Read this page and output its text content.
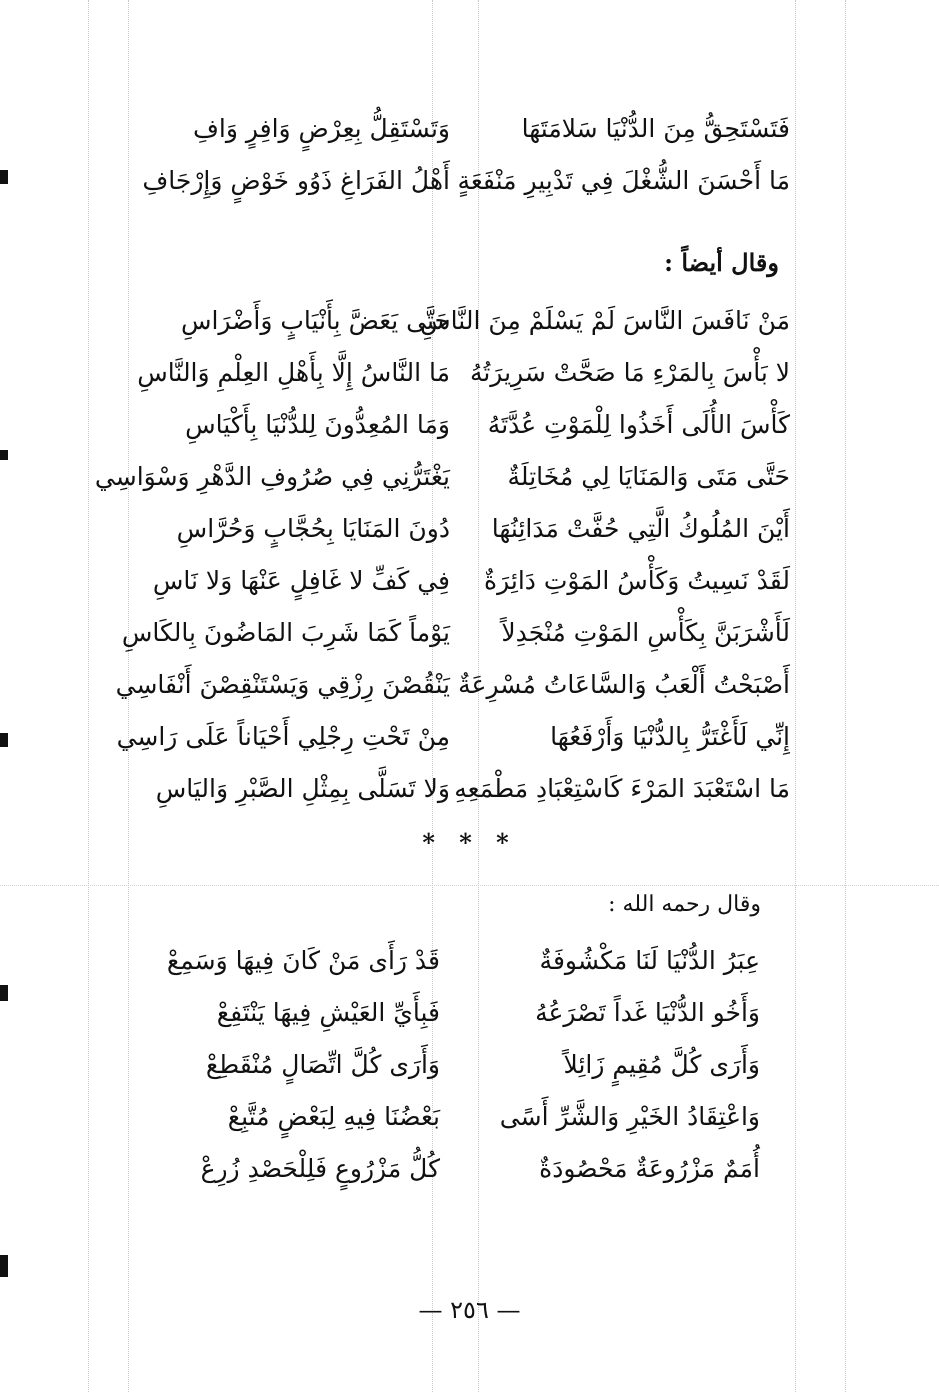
فَتَسْتَحِقُّ مِنَ الدُّنْيَا سَلامَتَهَا
وَتَسْتَقِلُّ بِعِرْضٍ وَافِرٍ وَافِ
مَا أَحْسَنَ الشُّغْلَ فِي تَدْبِيرِ مَنْفَعَةٍ
أَهْلُ الفَرَاغِ ذَوُو خَوْضٍ وَإِرْجَافِ
وقال أيضاً :
مَنْ نَافَسَ النَّاسَ لَمْ يَسْلَمْ مِنَ النَّاسِ
حَتَّى يَعَضَّ بِأَنْيَابٍ وَأَضْرَاسِ
لا بَأْسَ بِالمَرْءِ مَا صَحَّتْ سَرِيرَتُهُ
مَا النَّاسُ إِلَّا بِأَهْلِ العِلْمِ وَالنَّاسِ
كَأْسَ الأُلَى أَخَذُوا لِلْمَوْتِ عُدَّتَهُ
وَمَا المُعِدُّونَ لِلدُّنْيَا بِأَكْيَاسِ
حَتَّى مَتَى وَالمَنَايَا لِي مُخَاتِلَةٌ
يَغْتَرُّنِي فِي صُرُوفِ الدَّهْرِ وَسْوَاسِي
أَيْنَ المُلُوكُ الَّتِي حُفَّتْ مَدَائِنُهَا
دُونَ المَنَايَا بِحُجَّابٍ وَحُرَّاسِ
لَقَدْ نَسِيتُ وَكَأْسُ المَوْتِ دَائِرَةٌ
فِي كَفِّ لا غَافِلٍ عَنْهَا وَلا نَاسِ
لَأَشْرَبَنَّ بِكَأْسِ المَوْتِ مُنْجَدِلاً
يَوْماً كَمَا شَرِبَ المَاضُونَ بِالكَاسِ
أَصْبَحْتُ أَلْعَبُ وَالسَّاعَاتُ مُسْرِعَةٌ
يَنْقُصْنَ رِزْقِي وَيَسْتَنْقِصْنَ أَنْفَاسِي
إِنِّي لَأَغْتَرُّ بِالدُّنْيَا وَأَرْفَعُهَا
مِنْ تَحْتِ رِجْلِي أَحْيَاناً عَلَى رَاسِي
مَا اسْتَعْبَدَ المَرْءَ كَاسْتِعْبَادِ مَطْمَعِهِ
وَلا تَسَلَّى بِمِثْلِ الصَّبْرِ وَاليَاسِ
* * *
وقال رحمه الله :
عِبَرُ الدُّنْيَا لَنَا مَكْشُوفَةٌ
قَدْ رَأَى مَنْ كَانَ فِيهَا وَسَمِعْ
وَأَخُو الدُّنْيَا غَداً تَصْرَعُهُ
فَبِأَيِّ العَيْشِ فِيهَا يَنْتَفِعْ
وَأَرَى كُلَّ مُقِيمٍ زَائِلاً
وَأَرَى كُلَّ اتِّصَالٍ مُنْقَطِعْ
وَاعْتِقَادُ الخَيْرِ وَالشَّرِّ أَسًى
بَعْضُنَا فِيهِ لِبَعْضٍ مُتَّبِعْ
أُمَمٌ مَزْرُوعَةٌ مَحْصُودَةٌ
كُلُّ مَزْرُوعٍ فَلِلْحَصْدِ زُرِعْ
— ٢٥٦ —
